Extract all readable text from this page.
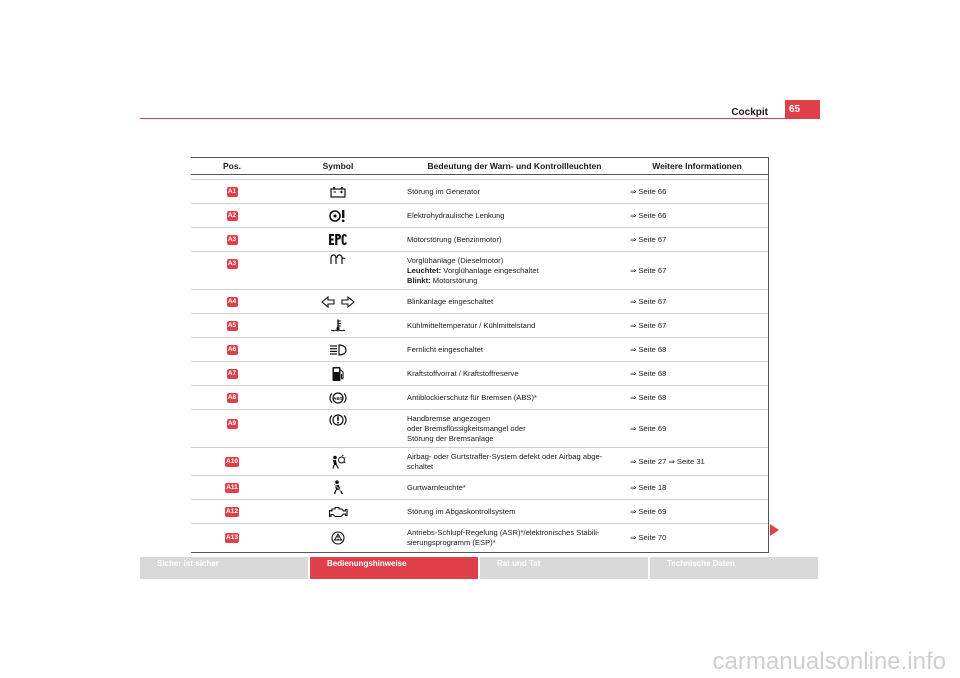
Cockpit	65
Pos.	Symbol	Bedeutung der Warn- und Kontrollleuchten	Weitere Informationen

A1		Störung im Generator	⇒ Seite 66
A2		Elektrohydraulische Lenkung	⇒ Seite 66
A3		Motorstörung (Benzinmotor)	⇒ Seite 67
A3		Vorglühanlage (Dieselmotor)
Leuchtet: Vorglühanlage eingeschaltet
Blinkt: Motorstörung	⇒ Seite 67
A4		Blinkanlage eingeschaltet	⇒ Seite 67
A5		Kühlmitteltemperatur / Kühlmittelstand	⇒ Seite 67
A6		Fernlicht eingeschaltet	⇒ Seite 68
A7		Kraftstoffvorrat / Kraftstoffreserve	⇒ Seite 68
A8	ABS	Antiblockierschutz für Bremsen (ABS)*	⇒ Seite 68
A9		Handbremse angezogen
oder Bremsflüssigkeitsmangel oder
Störung der Bremsanlage	⇒ Seite 69
A10		Airbag- oder Gurtstraffer-System defekt oder Airbag abge-
schaltet	⇒ Seite 27 ⇒ Seite 31
A11		Gurtwarnleuchte*	⇒ Seite 18
A12		Störung im Abgaskontrollsystem	⇒ Seite 69
A13		Antriebs-Schlupf-Regelung (ASR)*/elektronisches Stabili-
sierungsprogramm (ESP)*	⇒ Seite 70
Sicher ist sicher	Bedienungshinweise	Rat und Tat	Technische Daten
carmanualsonline.info
